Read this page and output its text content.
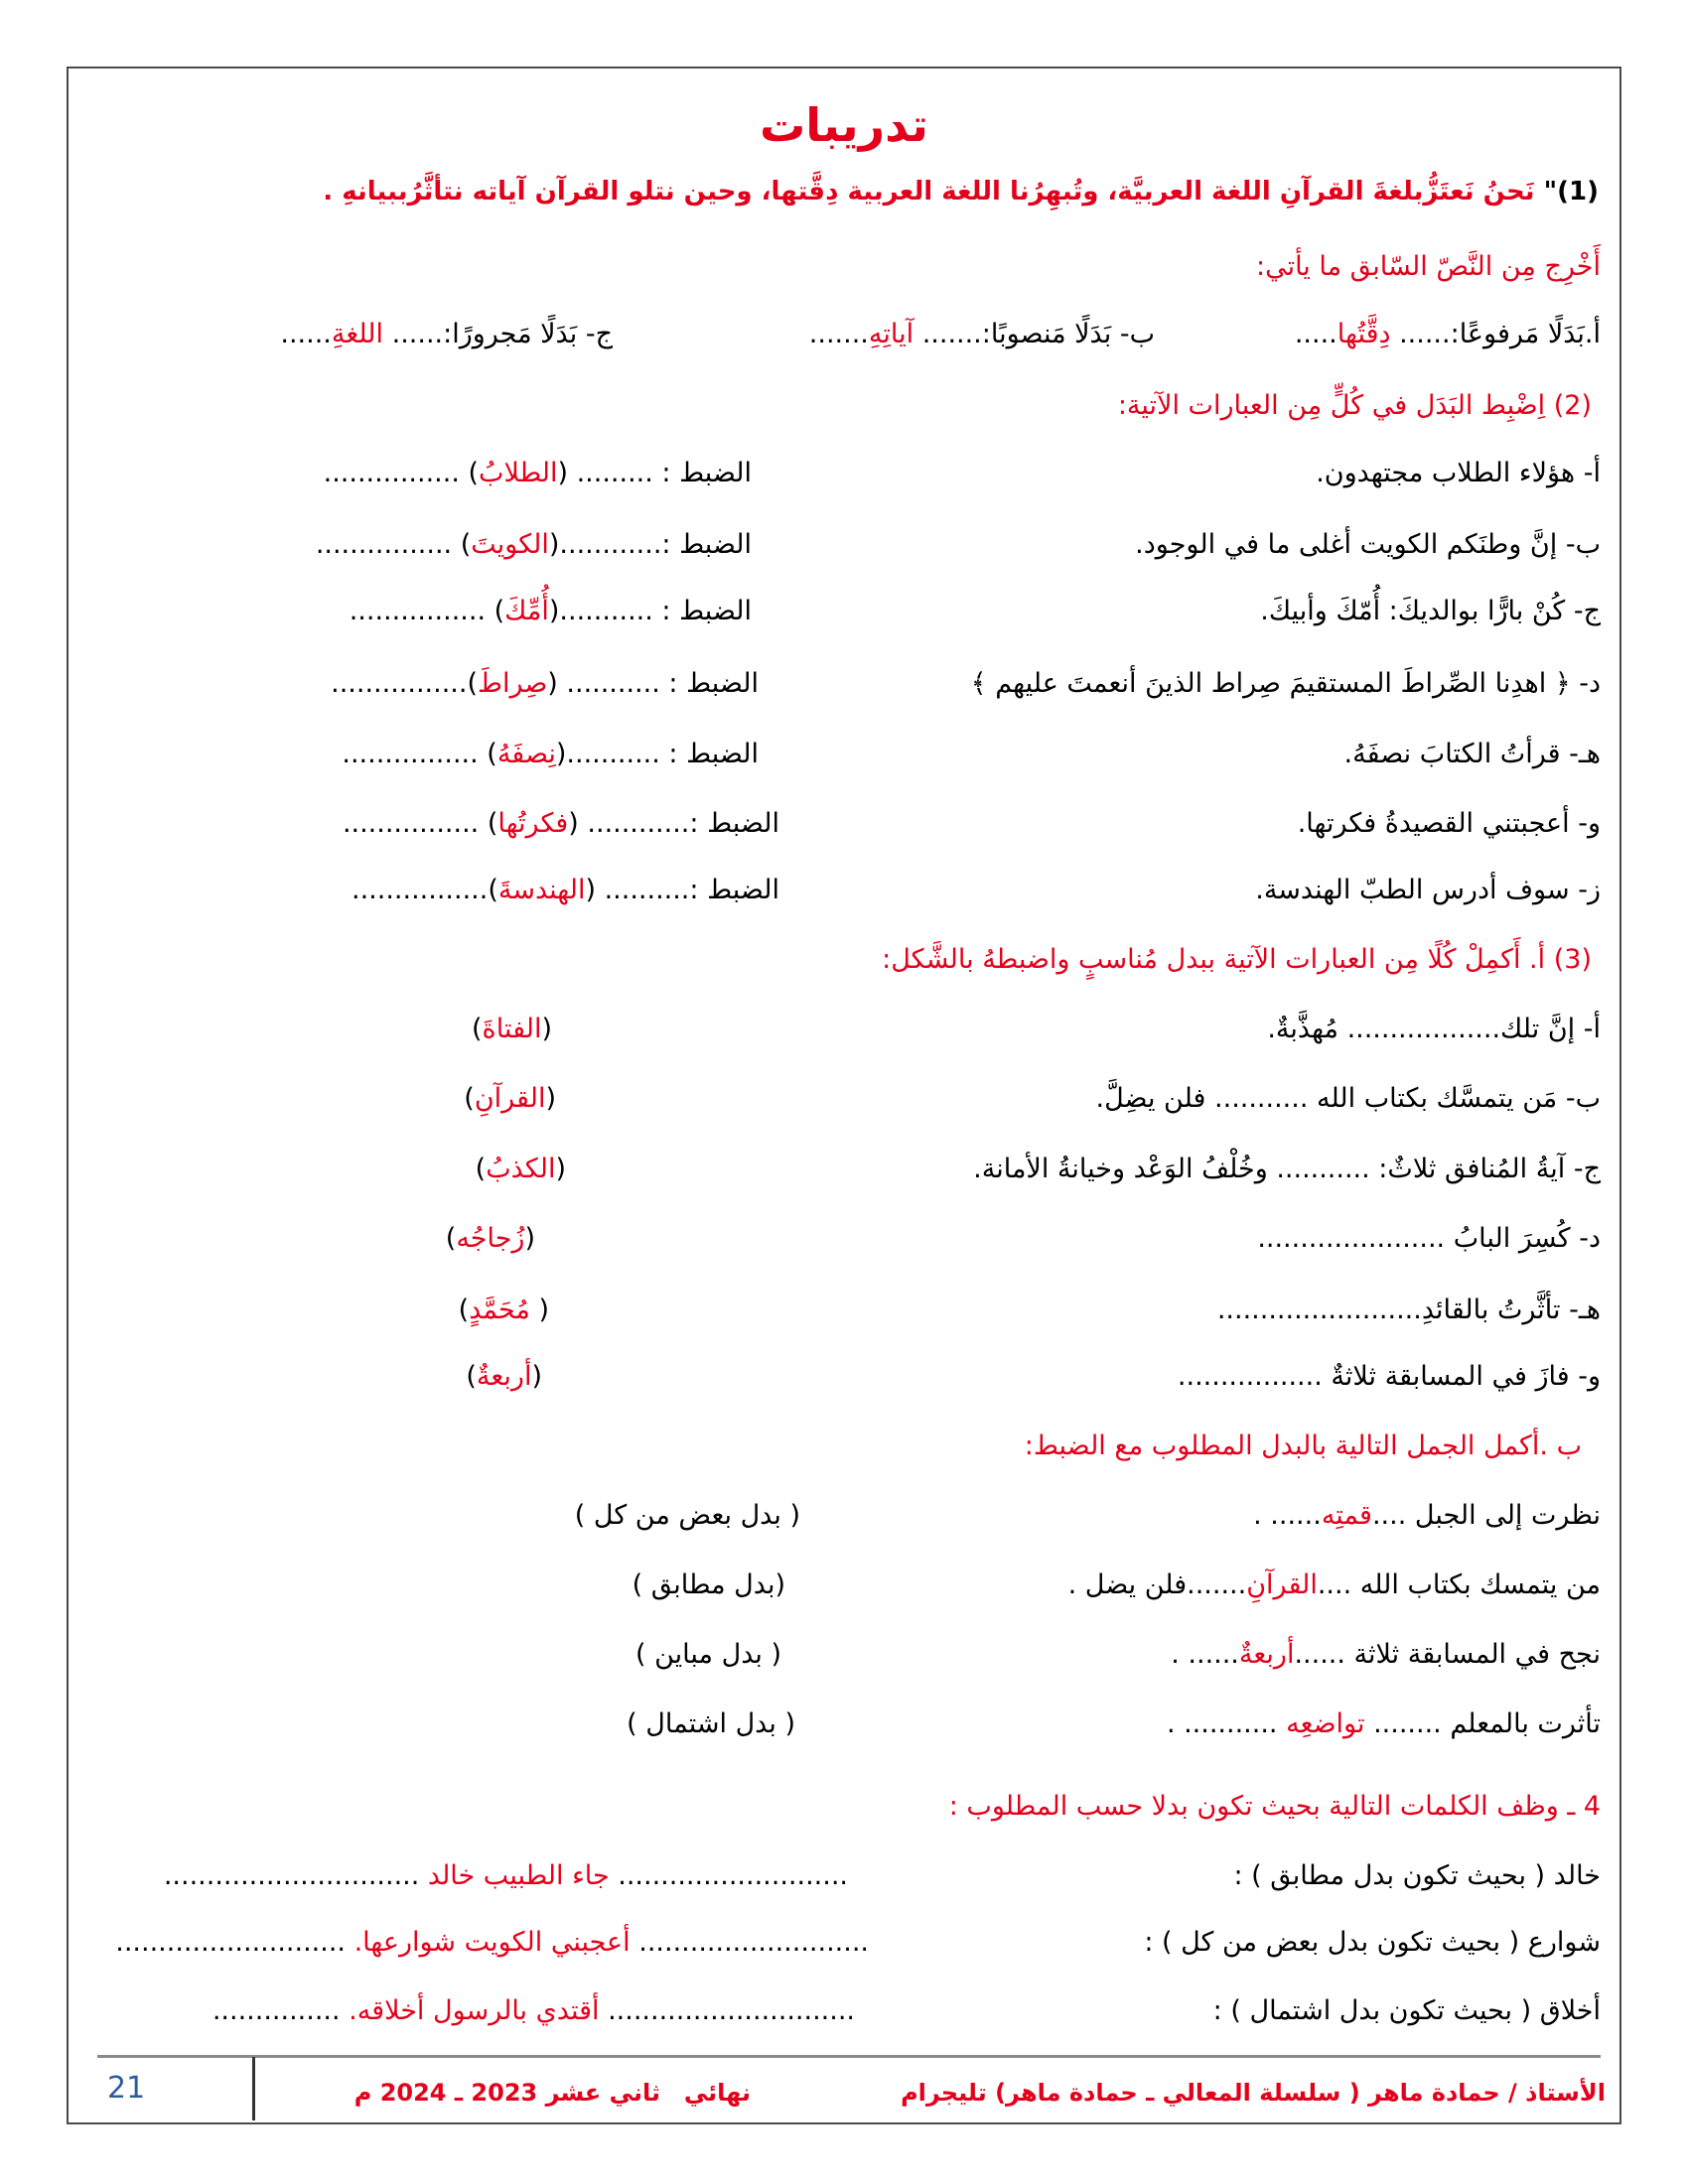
تدريبات
(1)" نَحنُ نَعتَزُّبلغةَ القرآنِ اللغة العربيَّة، وتُبهِرُنا اللغة العربية دِقَّتها، وحين نتلو القرآن آياته نتأثَّرُببيانهِ .
أَخْرِج مِن النَّصّ السّابق ما يأتي:
أ.بَدَلًا مَرفوعًا:...... دِقَّتُها.....
ب- بَدَلًا مَنصوبًا:....... آياتِهِ.......
ج- بَدَلًا مَجرورًا:...... اللغةِ......
(2) اِضْبِط البَدَل في كُلٍّ مِن العبارات الآتية:
أ- هؤلاء الطلاب مجتهدون.
الضبط : ......... (الطلابُ) ................
ب- إنَّ وطنَكم الكويت أغلى ما في الوجود.
الضبط :............(الكويتَ) ................
ج- كُنْ بارًّا بوالديكَ: أُمّكَ وأبيكَ.
الضبط : ...........(أُمِّكَ) ................
د- ﴿ اهدِنا الصِّراطَ المستقيمَ صِراط الذينَ أنعمتَ عليهم ﴾
الضبط : ........... (صِراطَ)................
هـ- قرأتُ الكتابَ نصفَهُ.
الضبط : ...........(نِصفَهُ) ................
و- أعجبتني القصيدةُ فكرتها.
الضبط :............ (فكرتُها) ................
ز- سوف أدرس الطبّ الهندسة.
الضبط :.......... (الهندسةَ)................
(3) أ. أَكمِلْ كُلًا مِن العبارات الآتية ببدل مُناسبٍ واضبطهُ بالشَّكل:
أ- إنَّ تلك.................. مُهذَّبةٌ.
(الفتاةَ)
ب- مَن يتمسَّك بكتاب الله ........... فلن يضِلَّ.
(القرآنِ)
ج- آيةُ المُنافق ثلاثٌ: ........... وخُلْفُ الوَعْد وخيانةُ الأمانة.
(الكذبُ)
د- كُسِرَ البابُ ......................
(زُجاجُه)
هـ- تأثَّرتُ بالقائدِ........................
( مُحَمَّدٍ)
و- فازَ في المسابقة ثلاثةٌ .................
(أربعةٌ)
ب .أكمل الجمل التالية بالبدل المطلوب مع الضبط:
نظرت إلى الجبل ....قمتِه...... .
( بدل بعض من كل )
من يتمسك بكتاب الله ....القرآنِ.......فلن يضل .
(بدل مطابق )
نجح في المسابقة ثلاثة ......أربعةٌ...... .
( بدل مباين )
تأثرت بالمعلم ........ تواضعِه ........... .
( بدل اشتمال )
4 ـ وظف الكلمات التالية بحيث تكون بدلا حسب المطلوب :
خالد ( بحيث تكون بدل مطابق ) :
........................... جاء الطبيب خالد ..............................
شوارع ( بحيث تكون بدل بعض من كل ) :
........................... أعجبني الكويت شوارعها. ...........................
أخلاق ( بحيث تكون بدل اشتمال ) :
............................. أقتدي بالرسول أخلاقه. ...............
21	الأستاذ / حمادة ماهر ( سلسلة المعالي ـ حمادة ماهر) تليجرام
نهائي
ثاني عشر 2023 ـ 2024 م
